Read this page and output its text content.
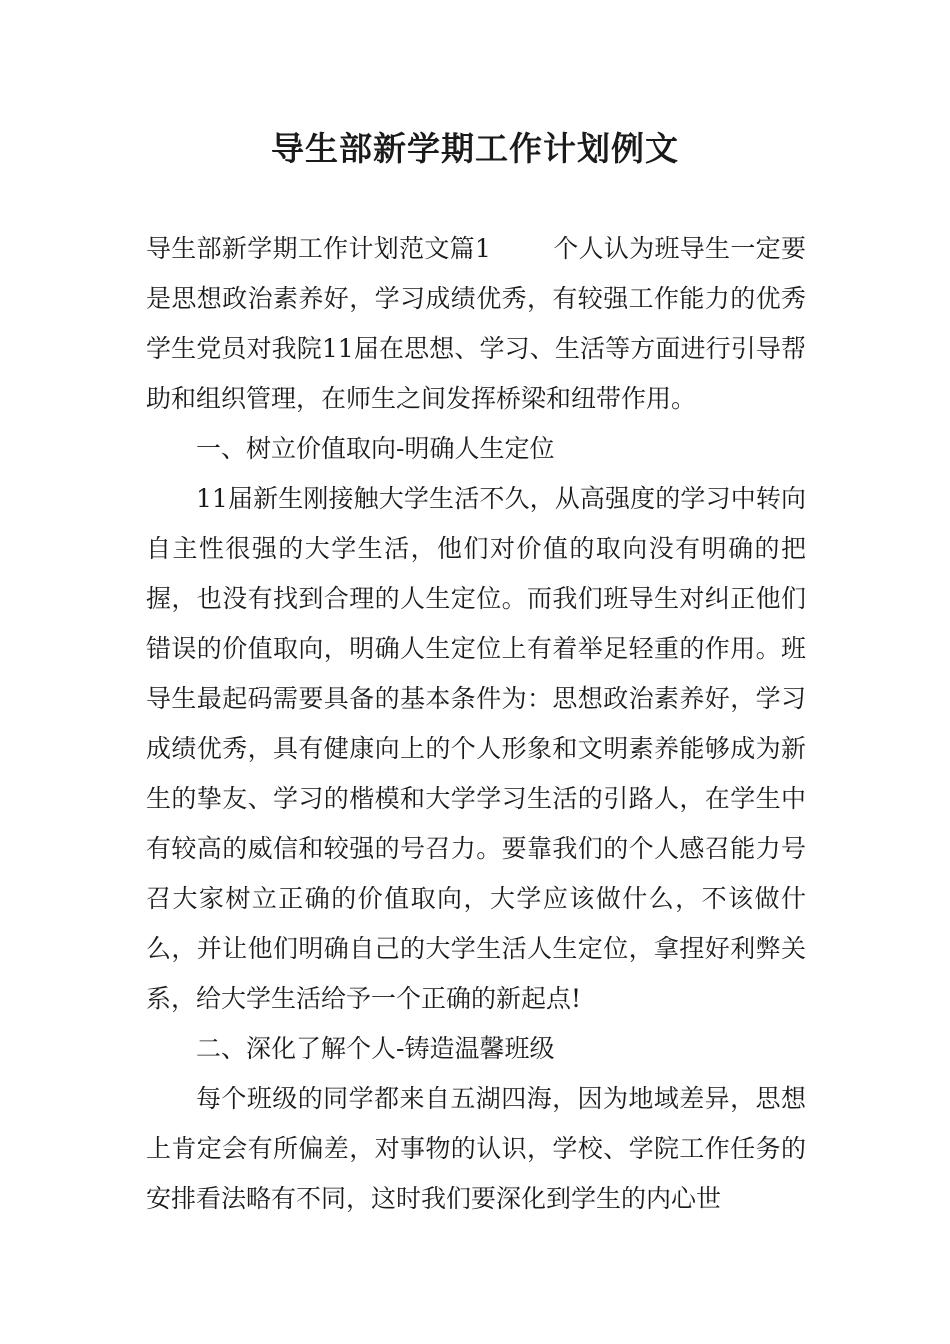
导生部新学期工作计划例文

导生部新学期工作计划范文篇1 个人认为班导生一定要是思想政治素养好，学习成绩优秀，有较强工作能力的优秀学生党员对我院11届在思想、学习、生活等方面进行引导帮助和组织管理，在师生之间发挥桥梁和纽带作用。

一、树立价值取向-明确人生定位

11届新生刚接触大学生活不久，从高强度的学习中转向自主性很强的大学生活，他们对价值的取向没有明确的把握，也没有找到合理的人生定位。而我们班导生对纠正他们错误的价值取向，明确人生定位上有着举足轻重的作用。班导生最起码需要具备的基本条件为：思想政治素养好，学习成绩优秀，具有健康向上的个人形象和文明素养能够成为新生的挚友、学习的楷模和大学学习生活的引路人，在学生中有较高的威信和较强的号召力。要靠我们的个人感召能力号召大家树立正确的价值取向，大学应该做什么，不该做什么，并让他们明确自己的大学生活人生定位，拿捏好利弊关系，给大学生活给予一个正确的新起点!

二、深化了解个人-铸造温馨班级

每个班级的同学都来自五湖四海，因为地域差异，思想上肯定会有所偏差，对事物的认识，学校、学院工作任务的安排看法略有不同，这时我们要深化到学生的内心世
